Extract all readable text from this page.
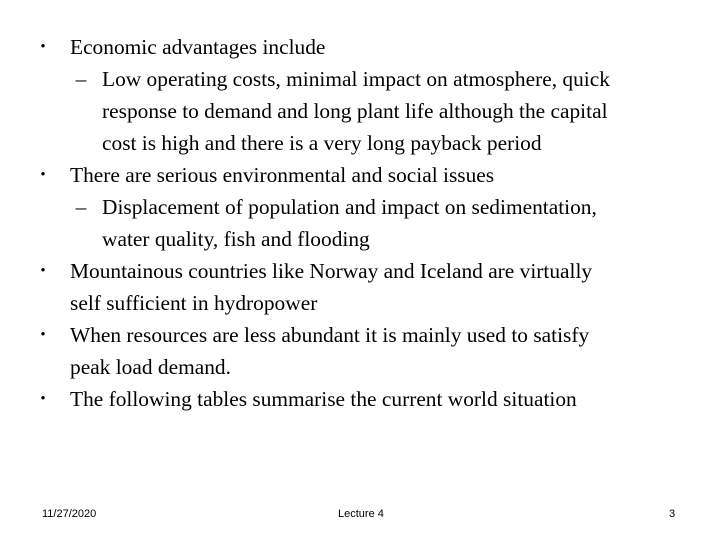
• Economic advantages include
– Low operating costs, minimal impact on atmosphere, quick
response to demand and long plant life although the capital
cost is high and there is a very long payback period
• There are serious environmental and social issues
– Displacement of population and impact on sedimentation,
water quality, fish and flooding
• Mountainous countries like Norway and Iceland are virtually
self sufficient in hydropower
• When resources are less abundant it is mainly used to satisfy
peak load demand.
• The following tables summarise the current world situation
11/27/2020	Lecture 4	3
